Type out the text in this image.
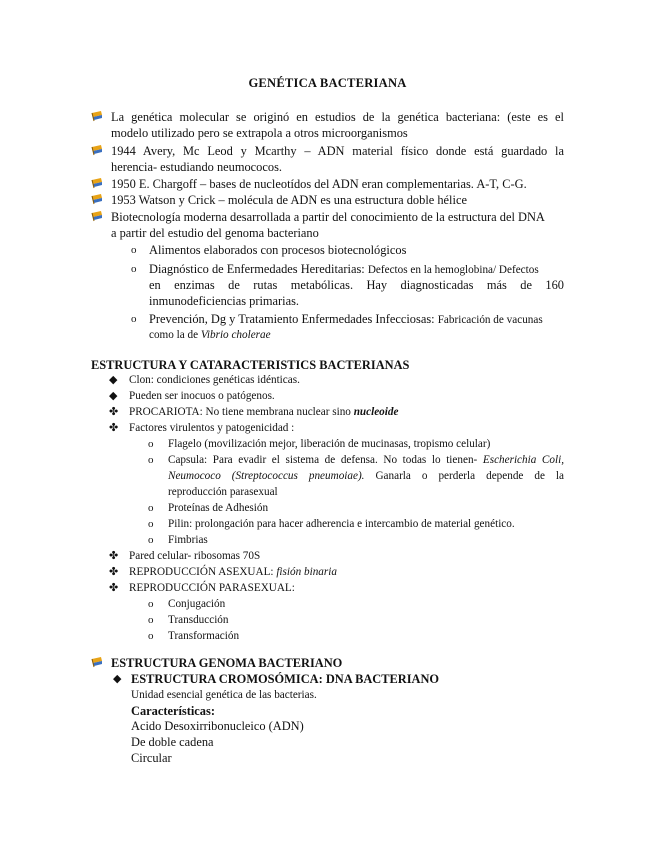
GENÉTICA BACTERIANA
La genética molecular se originó en estudios de la genética bacteriana: (este es el
modelo utilizado pero se extrapola a otros microorganismos
1944 Avery, Mc Leod y Mcarthy – ADN material físico donde está guardado la
herencia- estudiando neumococos.
1950 E. Chargoff – bases de nucleotídos del ADN eran complementarias. A-T, C-G.
1953 Watson y Crick – molécula de ADN es una estructura doble hélice
Biotecnología moderna desarrollada a partir del conocimiento de la estructura del DNA
a partir del estudio del genoma bacteriano
o Alimentos elaborados con procesos biotecnológicos
o Diagnóstico de Enfermedades Hereditarias: Defectos en la hemoglobina/ Defectos
en enzimas de rutas metabólicas. Hay diagnosticadas más de 160
inmunodeficiencias primarias.
o Prevención, Dg y Tratamiento Enfermedades Infecciosas: Fabricación de vacunas
como la de Vibrio cholerae
ESTRUCTURA Y CATARACTERISTICS BACTERIANAS
◆ Clon: condiciones genéticas idénticas.
◆ Pueden ser inocuos o patógenos.
✤ PROCARIOTA: No tiene membrana nuclear sino nucleoide
✤ Factores virulentos y patogenicidad :
o Flagelo (movilización mejor, liberación de mucinasas, tropismo celular)
o Capsula: Para evadir el sistema de defensa. No todas lo tienen- Escherichia Coli,
Neumococo (Streptococcus pneumoiae). Ganarla o perderla depende de la
reproducción parasexual
o Proteínas de Adhesión
o Pilin: prolongación para hacer adherencia e intercambio de material genético.
o Fimbrias
✤ Pared celular- ribosomas 70S
✤ REPRODUCCIÓN ASEXUAL: fisión binaria
✤ REPRODUCCIÓN PARASEXUAL:
o Conjugación
o Transducción
o Transformación
ESTRUCTURA GENOMA BACTERIANO
◆ ESTRUCTURA CROMOSÓMICA: DNA BACTERIANO
Unidad esencial genética de las bacterias.
Características:
Acido Desoxirribonucleico (ADN)
De doble cadena
Circular
